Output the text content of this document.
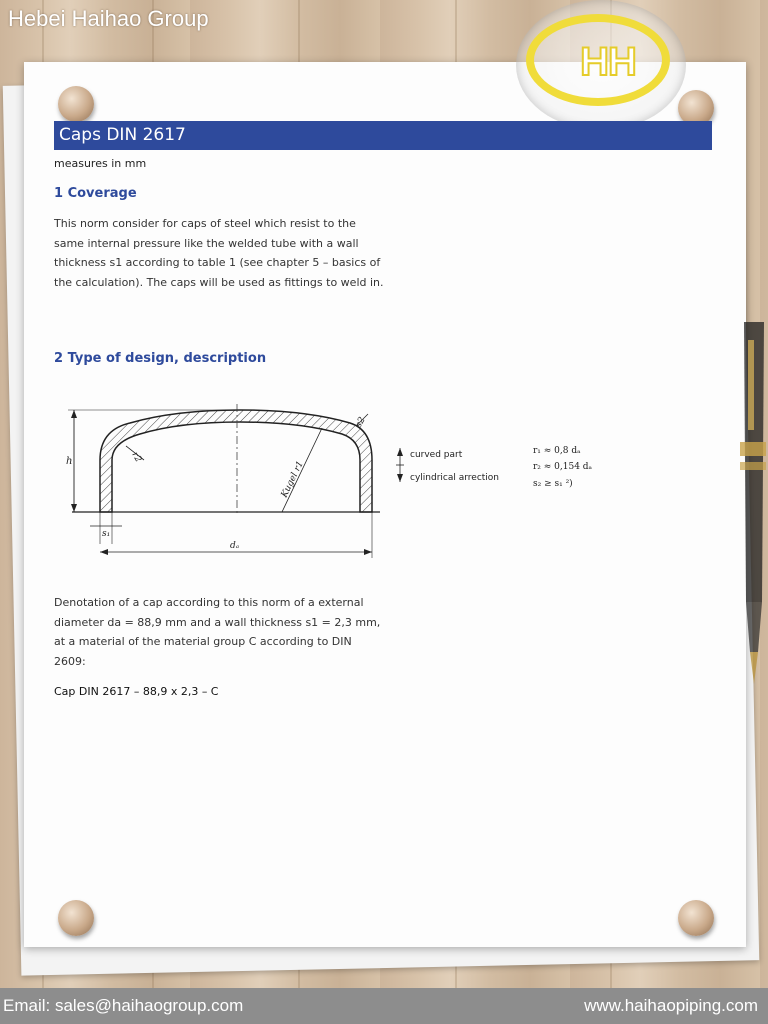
Hebei Haihao Group
HH
Caps DIN 2617
measures in mm
1 Coverage

This norm consider for caps of steel which resist to the

same internal pressure like the welded tube with a wall

thickness s1 according to table 1 (see chapter 5 – basics of

the calculation). The caps will be used as fittings to weld in.

2 Type of design, description
h
s₁
dₐ
s2
r2
Kugel r1
curved part
cylindrical arrection
r₁ ≈ 0,8 dₐ
r₂ ≈ 0,154 dₐ
s₂ ≥ s₁ ²)

Denotation of a cap according to this norm of a external

diameter da = 88,9 mm and a wall thickness s1 = 2,3 mm,

at a material of the material group C according to DIN

2609:

Cap DIN 2617 – 88,9 x 2,3 – C

Email: sales@haihaogroup.com	www.haihaopiping.com
